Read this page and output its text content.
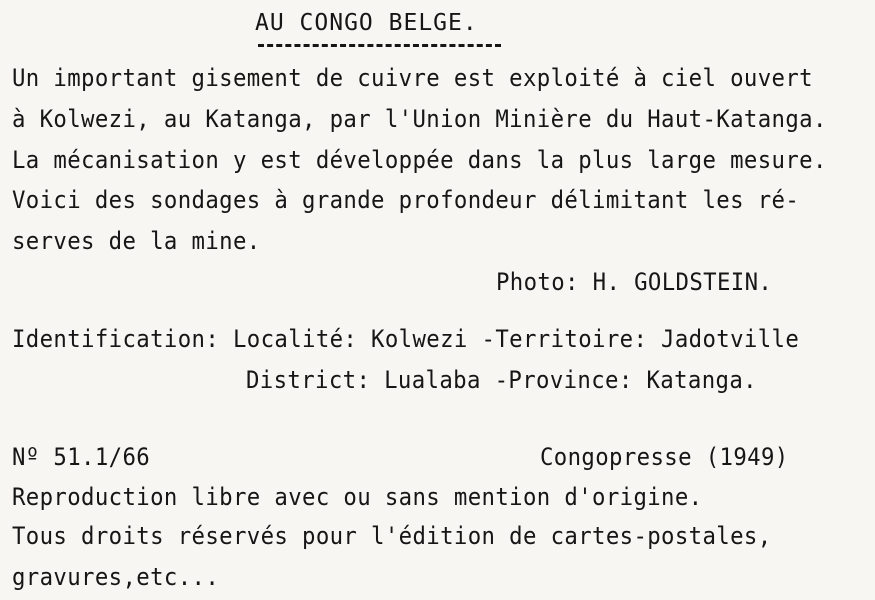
AU CONGO BELGE.
Un important gisement de cuivre est exploité à ciel ouvert
à Kolwezi, au Katanga, par l'Union Minière du Haut-Katanga.
La mécanisation y est développée dans la plus large mesure.
Voici des sondages à grande profondeur délimitant les ré-
serves de la mine.
Photo: H. GOLDSTEIN.
Identification: Localité: Kolwezi -Territoire: Jadotville
District: Lualaba -Province: Katanga.
Nº 51.1/66	Congopresse (1949)
Reproduction libre avec ou sans mention d'origine.
Tous droits réservés pour l'édition de cartes-postales,
gravures,etc...
